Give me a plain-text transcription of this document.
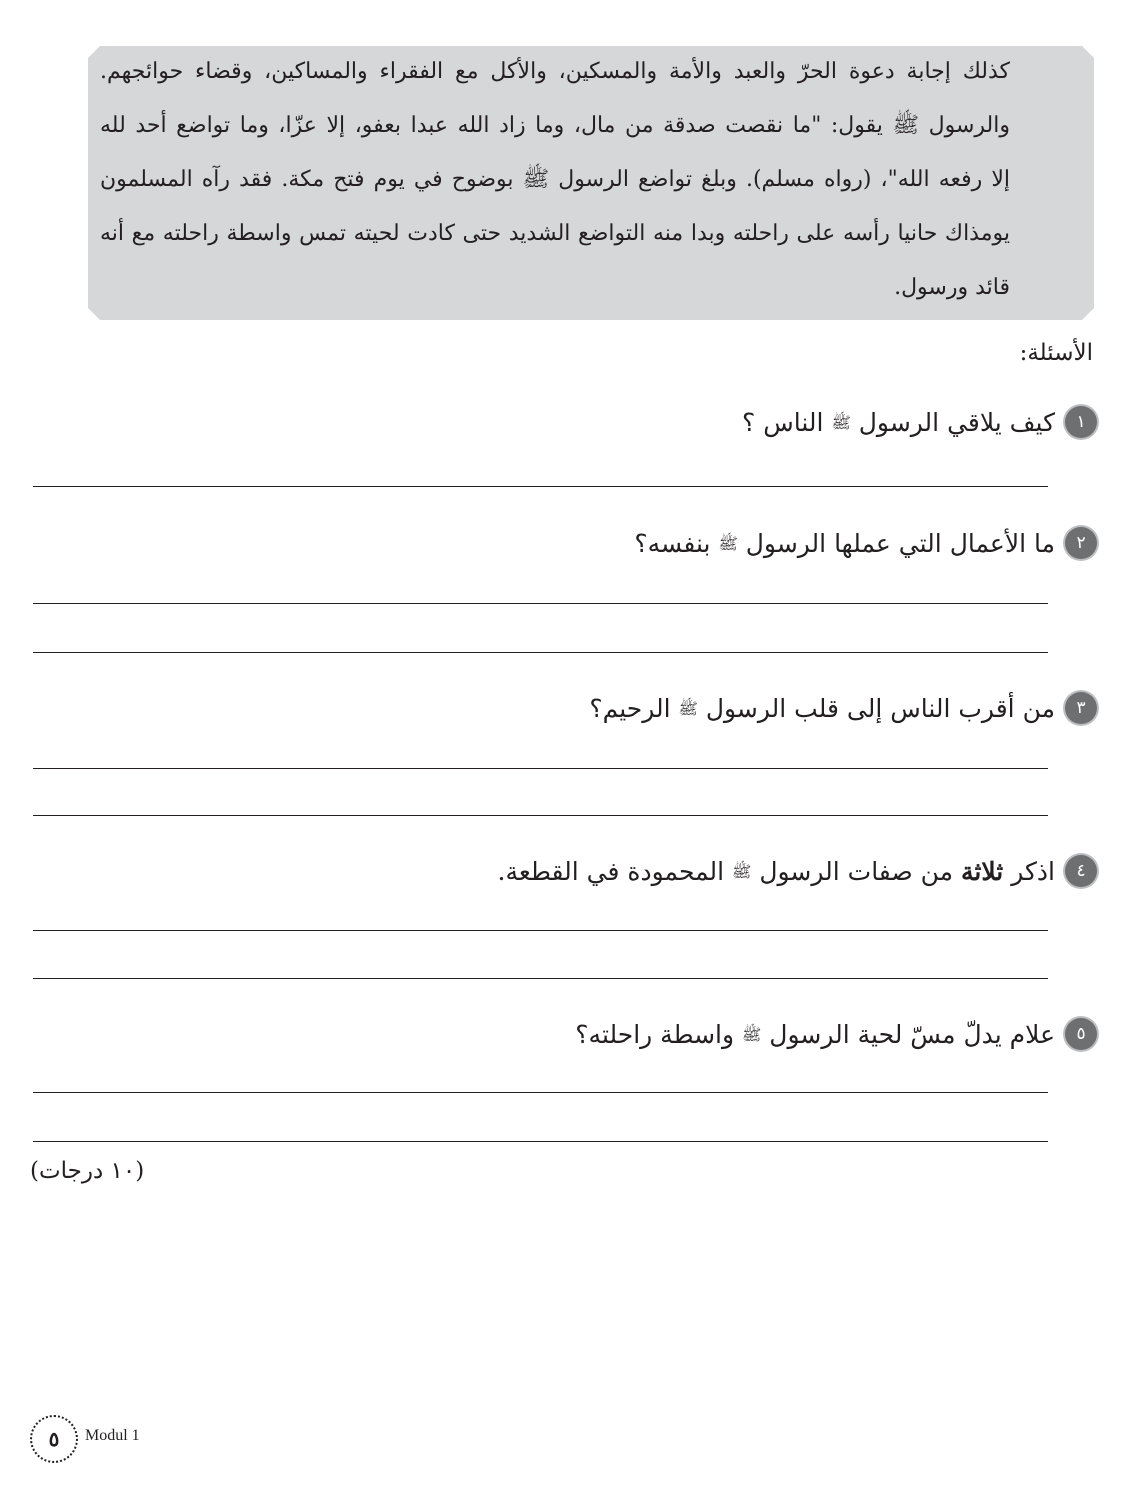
كذلك إجابة دعوة الحرّ والعبد والأمة والمسكين، والأكل مع الفقراء والمساكين، وقضاء حوائجهم.
والرسول ﷺ يقول: "ما نقصت صدقة من مال، وما زاد الله عبدا بعفو، إلا عزّا، وما تواضع أحد لله
إلا رفعه الله"، (رواه مسلم). وبلغ تواضع الرسول ﷺ بوضوح في يوم فتح مكة. فقد رآه المسلمون
يومذاك حانيا رأسه على راحلته وبدا منه التواضع الشديد حتى كادت لحيته تمس واسطة راحلته مع أنه
قائد ورسول.
الأسئلة:
١
كيف يلاقي الرسول ﷺ الناس ؟
٢
ما الأعمال التي عملها الرسول ﷺ بنفسه؟
٣
من أقرب الناس إلى قلب الرسول ﷺ الرحيم؟
٤
اذكر ثلاثة من صفات الرسول ﷺ المحمودة في القطعة.
٥
علام يدلّ مسّ لحية الرسول ﷺ واسطة راحلته؟
(١٠ درجات)
٥	Modul 1
